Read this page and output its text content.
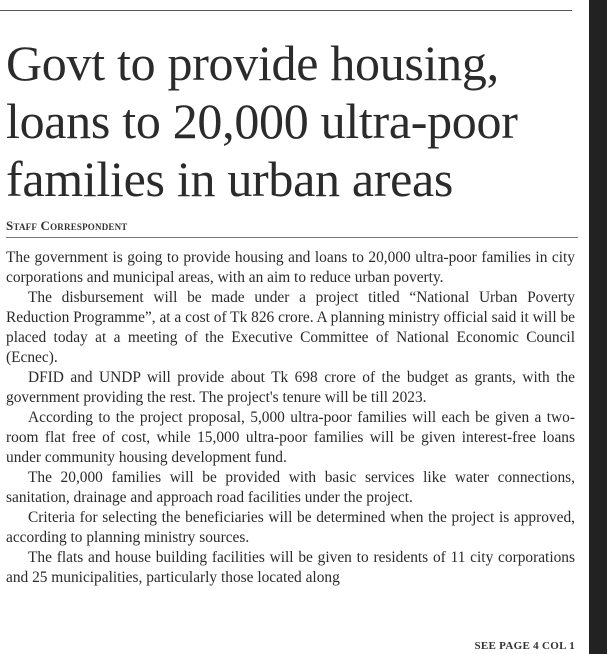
Govt to provide housing, loans to 20,000 ultra-poor families in urban areas
Staff Correspondent

The government is going to provide housing and loans to 20,000 ultra-poor families in city corporations and municipal areas, with an aim to reduce urban poverty.

The disbursement will be made under a project titled “National Urban Poverty Reduction Programme”, at a cost of Tk 826 crore. A planning ministry official said it will be placed today at a meeting of the Executive Committee of National Economic Council (Ecnec).

DFID and UNDP will provide about Tk 698 crore of the budget as grants, with the government providing the rest. The project's tenure will be till 2023.

According to the project proposal, 5,000 ultra-poor families will each be given a two-room flat free of cost, while 15,000 ultra-poor families will be given interest-free loans under community housing development fund.

The 20,000 families will be provided with basic services like water connections, sanitation, drainage and approach road facilities under the project.

Criteria for selecting the beneficiaries will be determined when the project is approved, according to planning ministry sources.

The flats and house building facilities will be given to residents of 11 city corporations and 25 municipalities, particularly those located along

SEE PAGE 4 COL 1
